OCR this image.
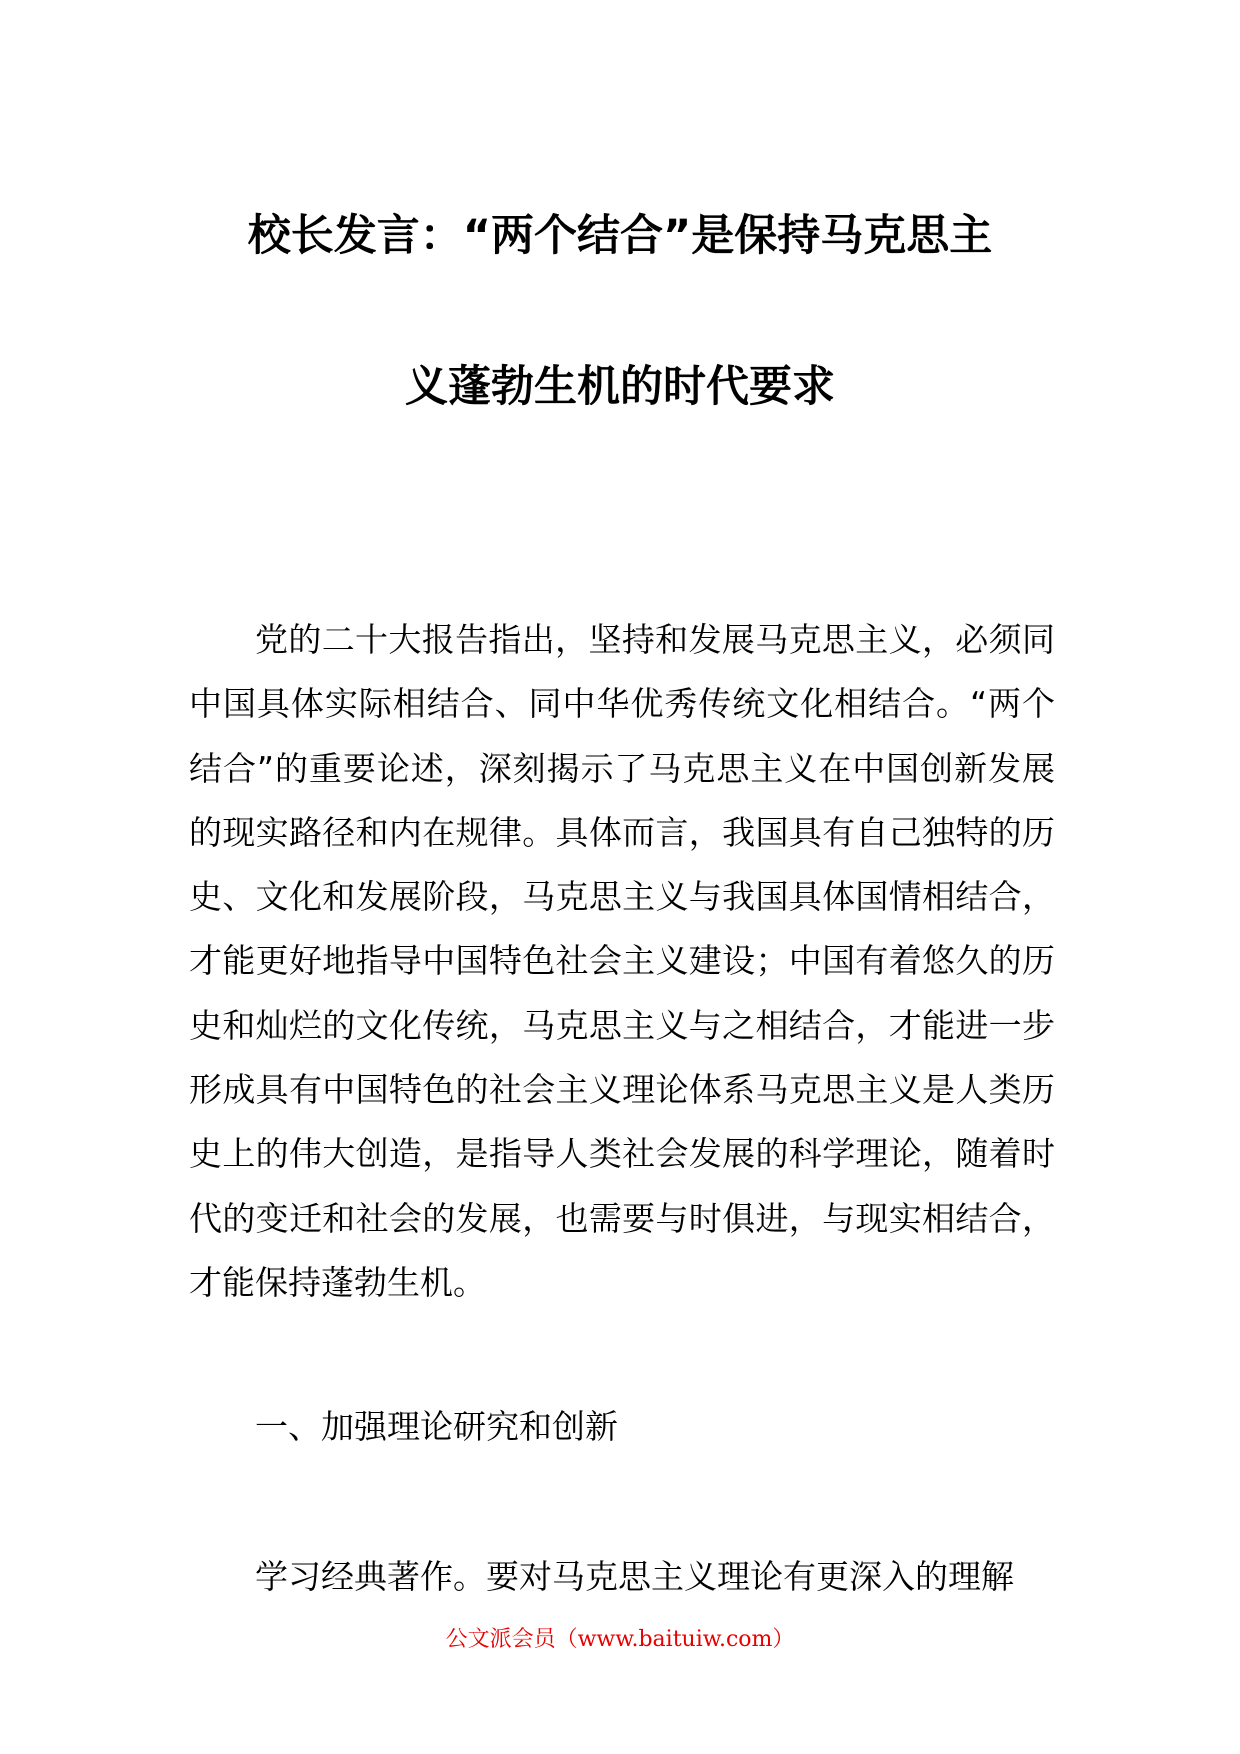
校长发言：“两个结合”是保持马克思主
义蓬勃生机的时代要求
党的二十大报告指出，坚持和发展马克思主义，必须同中国具体实际相结合、同中华优秀传统文化相结合。“两个结合”的重要论述，深刻揭示了马克思主义在中国创新发展的现实路径和内在规律。具体而言，我国具有自己独特的历史、文化和发展阶段，马克思主义与我国具体国情相结合，才能更好地指导中国特色社会主义建设；中国有着悠久的历史和灿烂的文化传统，马克思主义与之相结合，才能进一步形成具有中国特色的社会主义理论体系马克思主义是人类历史上的伟大创造，是指导人类社会发展的科学理论，随着时代的变迁和社会的发展，也需要与时俱进，与现实相结合，才能保持蓬勃生机。
一、加强理论研究和创新
学习经典著作。要对马克思主义理论有更深入的理解
公文派会员（www.baituiw.com）
